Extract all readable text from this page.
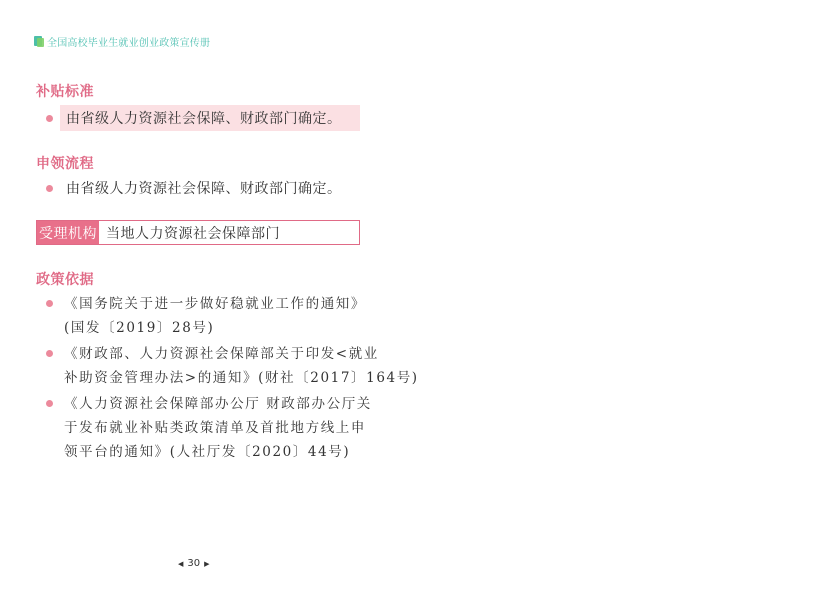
全国高校毕业生就业创业政策宣传册
补贴标准
由省级人力资源社会保障、财政部门确定。
申领流程
由省级人力资源社会保障、财政部门确定。
受理机构 当地人力资源社会保障部门
政策依据
《国务院关于进一步做好稳就业工作的通知》
(国发〔2019〕28号)
《财政部、人力资源社会保障部关于印发<就业
补助资金管理办法>的通知》(财社〔2017〕164号)
《人力资源社会保障部办公厅 财政部办公厅关
于发布就业补贴类政策清单及首批地方线上申
领平台的通知》(人社厅发〔2020〕44号)
◀ 30 ▶
